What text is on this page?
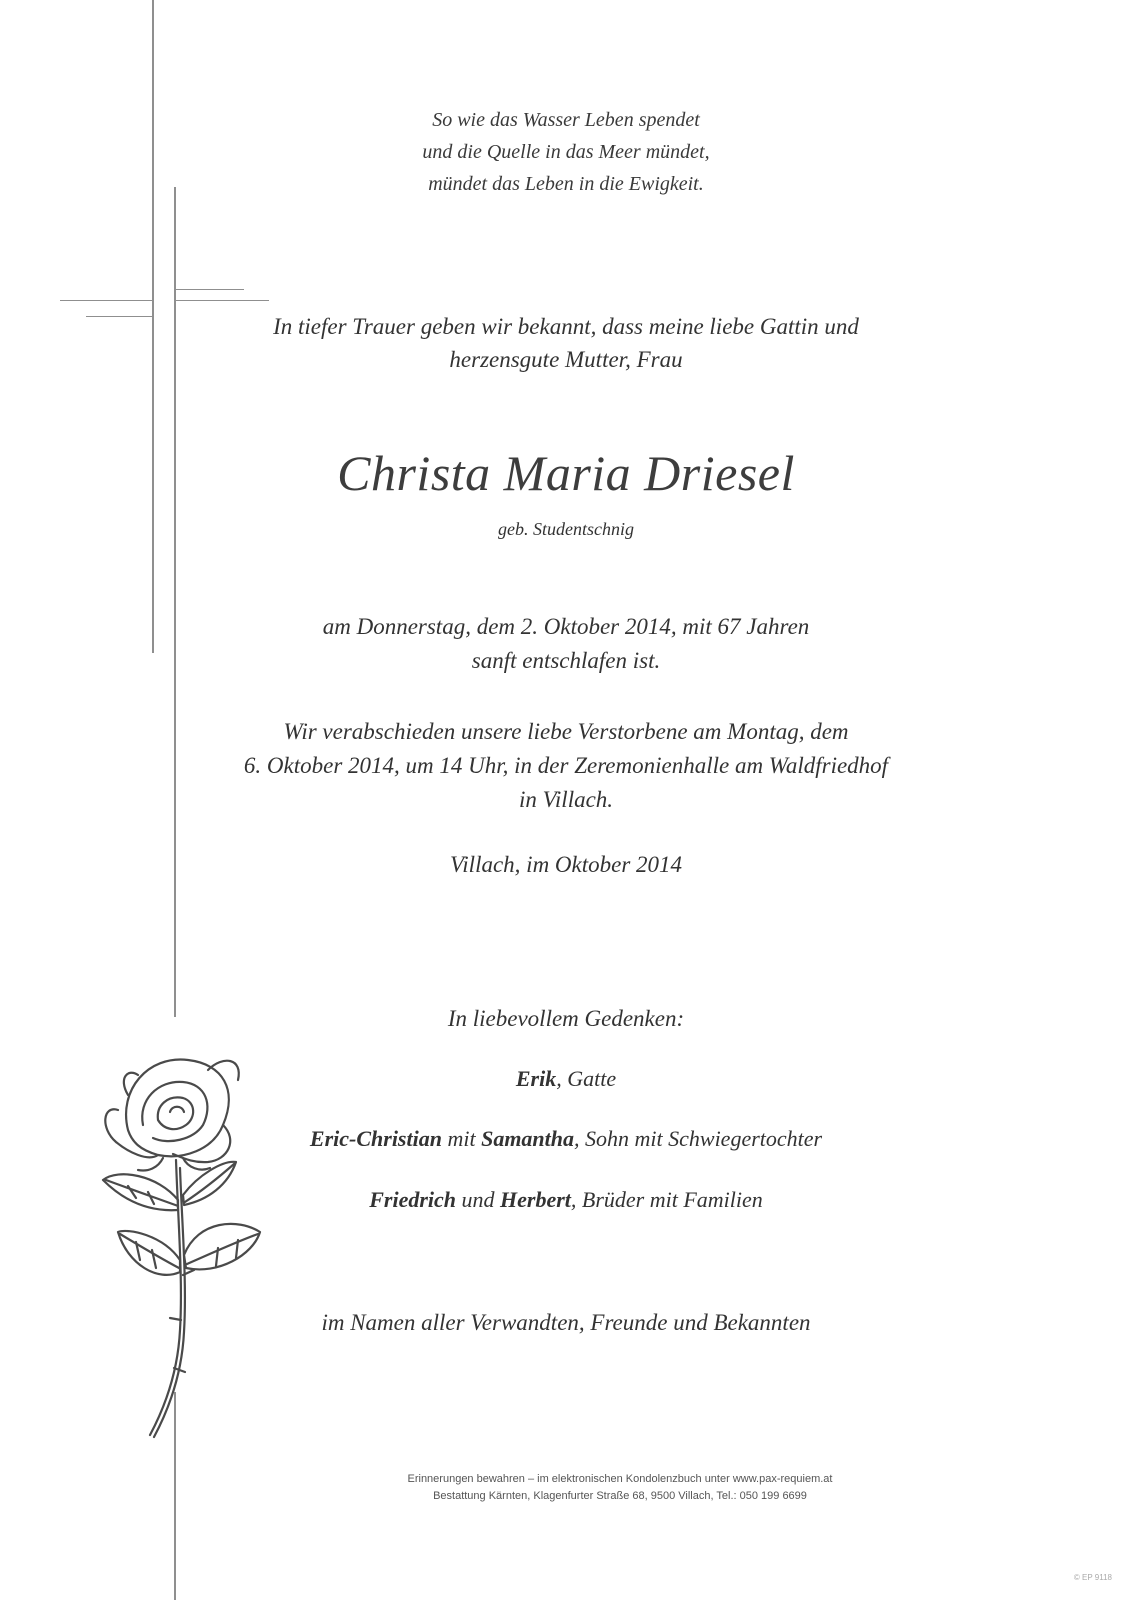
So wie das Wasser Leben spendet
und die Quelle in das Meer mündet,
mündet das Leben in die Ewigkeit.
In tiefer Trauer geben wir bekannt, dass meine liebe Gattin und
herzensgute Mutter, Frau
Christa Maria Driesel
geb. Studentschnig
am Donnerstag, dem 2. Oktober 2014, mit 67 Jahren
sanft entschlafen ist.
Wir verabschieden unsere liebe Verstorbene am Montag, dem
6. Oktober 2014, um 14 Uhr, in der Zeremonienhalle am Waldfriedhof
in Villach.
Villach, im Oktober 2014
In liebevollem Gedenken:
Erik, Gatte
Eric-Christian mit Samantha, Sohn mit Schwiegertochter
Friedrich und Herbert, Brüder mit Familien
im Namen aller Verwandten, Freunde und Bekannten
Erinnerungen bewahren – im elektronischen Kondolenzbuch unter www.pax-requiem.at
Bestattung Kärnten, Klagenfurter Straße 68, 9500 Villach, Tel.: 050 199 6699
© EP 9118
